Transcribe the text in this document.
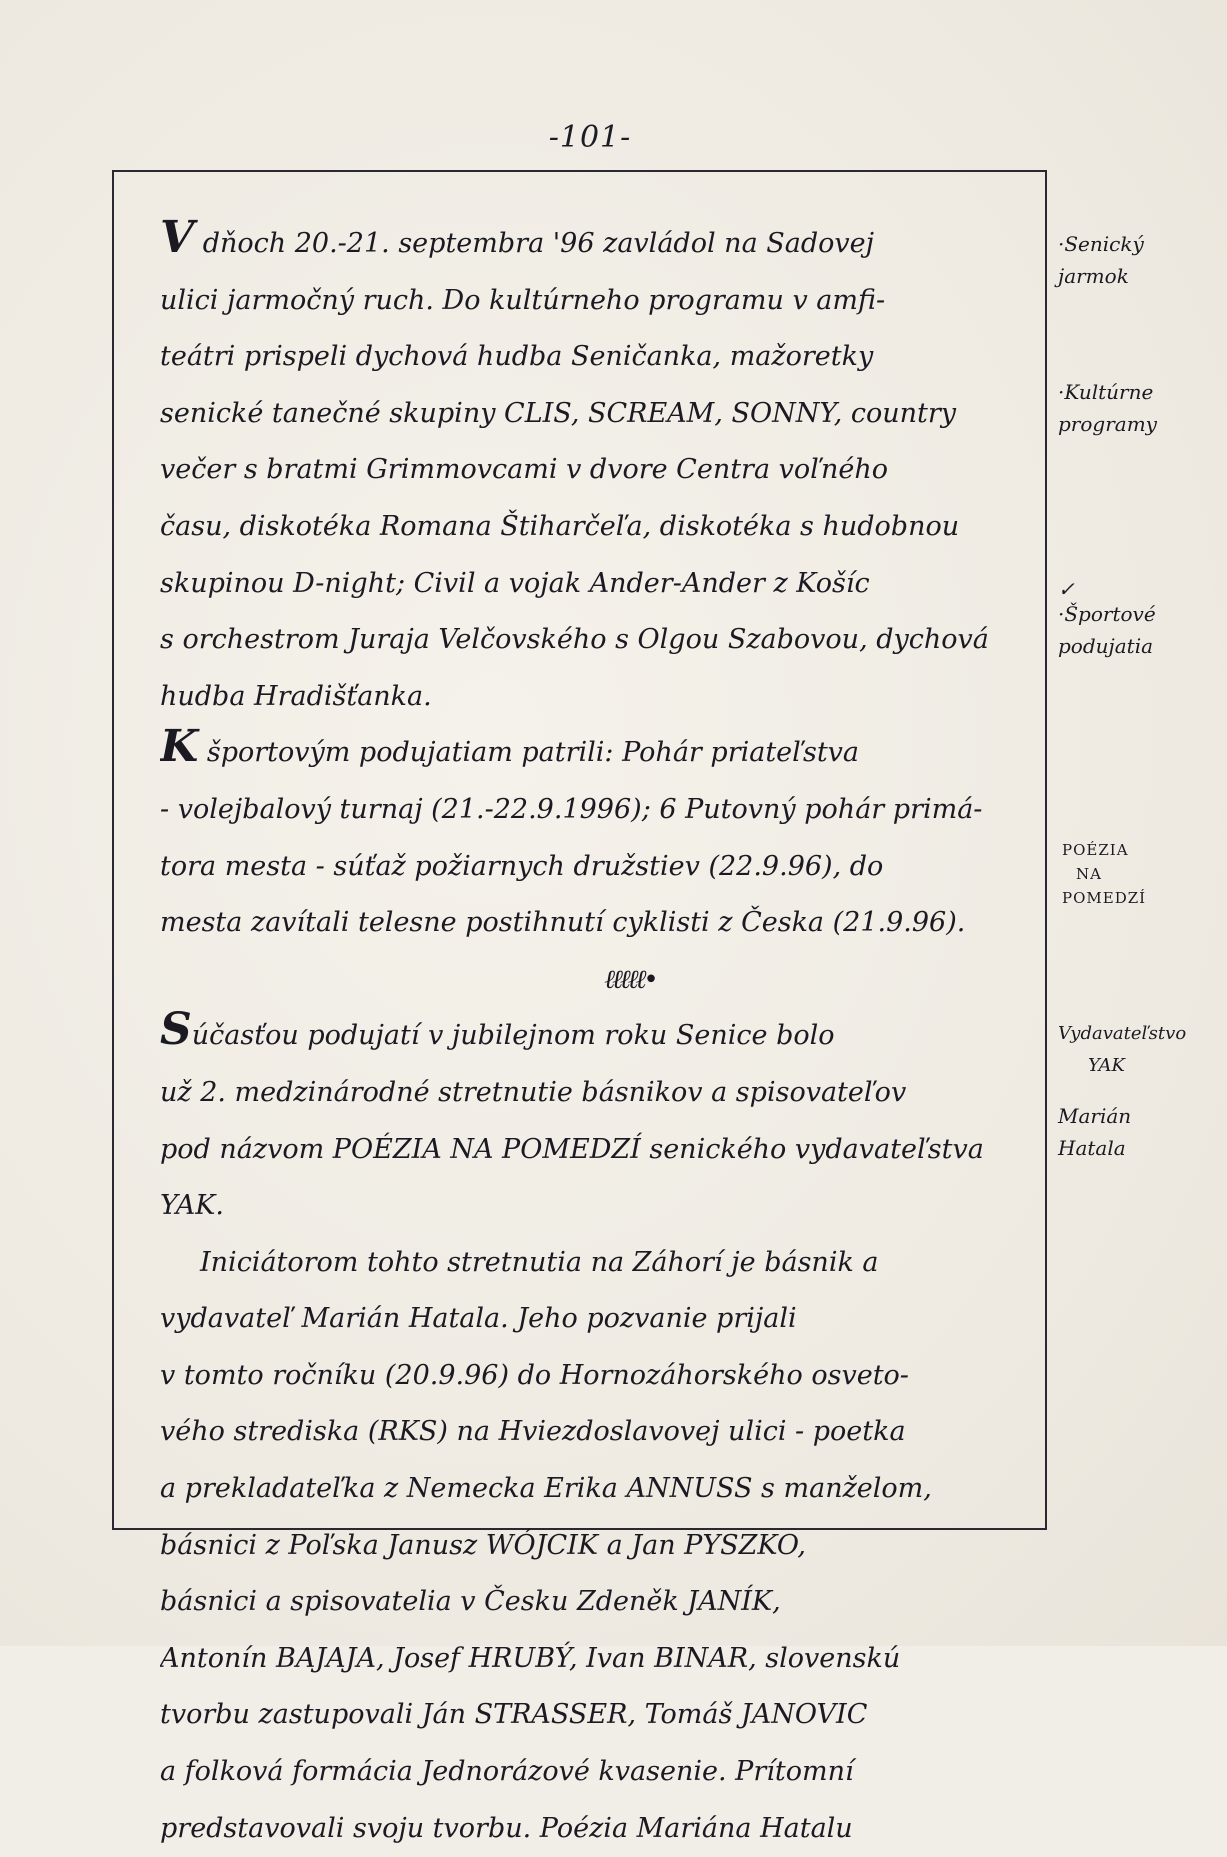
-101-
V dňoch 20.-21. septembra '96 zavládol na Sadovej
ulici jarmočný ruch. Do kultúrneho programu v amfi-
teátri prispeli dychová hudba Seničanka, mažoretky
senické tanečné skupiny CLIS, SCREAM, SONNY, country
večer s bratmi Grimmovcami v dvore Centra voľného
času, diskotéka Romana Štiharčeľa, diskotéka s hudobnou
skupinou D-night; Civil a vojak Ander-Ander z Košíc
s orchestrom Juraja Velčovského s Olgou Szabovou, dychová
hudba Hradišťanka.
K športovým podujatiam patrili: Pohár priateľstva
- volejbalový turnaj (21.-22.9.1996); 6 Putovný pohár primá-
tora mesta - súťaž požiarnych družstiev (22.9.96), do
mesta zavítali telesne postihnutí cyklisti z Česka (21.9.96).
ℓℓℓℓℓ•
Súčasťou podujatí v jubilejnom roku Senice bolo
už 2. medzinárodné stretnutie básnikov a spisovateľov
pod názvom POÉZIA NA POMEDZÍ senického vydavateľstva
YAK.
Iniciátorom tohto stretnutia na Záhorí je básnik a
vydavateľ Marián Hatala. Jeho pozvanie prijali
v tomto ročníku (20.9.96) do Hornozáhorského osveto-
vého strediska (RKS) na Hviezdoslavovej ulici - poetka
a prekladateľka z Nemecka Erika ANNUSS s manželom,
básnici z Poľska Janusz WÓJCIK a Jan PYSZKO,
básnici a spisovatelia v Česku Zdeněk JANÍK,
Antonín BAJAJA, Josef HRUBÝ, Ivan BINAR, slovenskú
tvorbu zastupovali Ján STRASSER, Tomáš JANOVIC
a folková formácia Jednorázové kvasenie. Prítomní
predstavovali svoju tvorbu. Poézia Mariána Hatalu
·Senický
jarmok
·Kultúrne
programy
✓
·Športové
podujatia
POÉZIA
NA
POMEDZÍ
Vydavateľstvo
YAK
Marián
Hatala
